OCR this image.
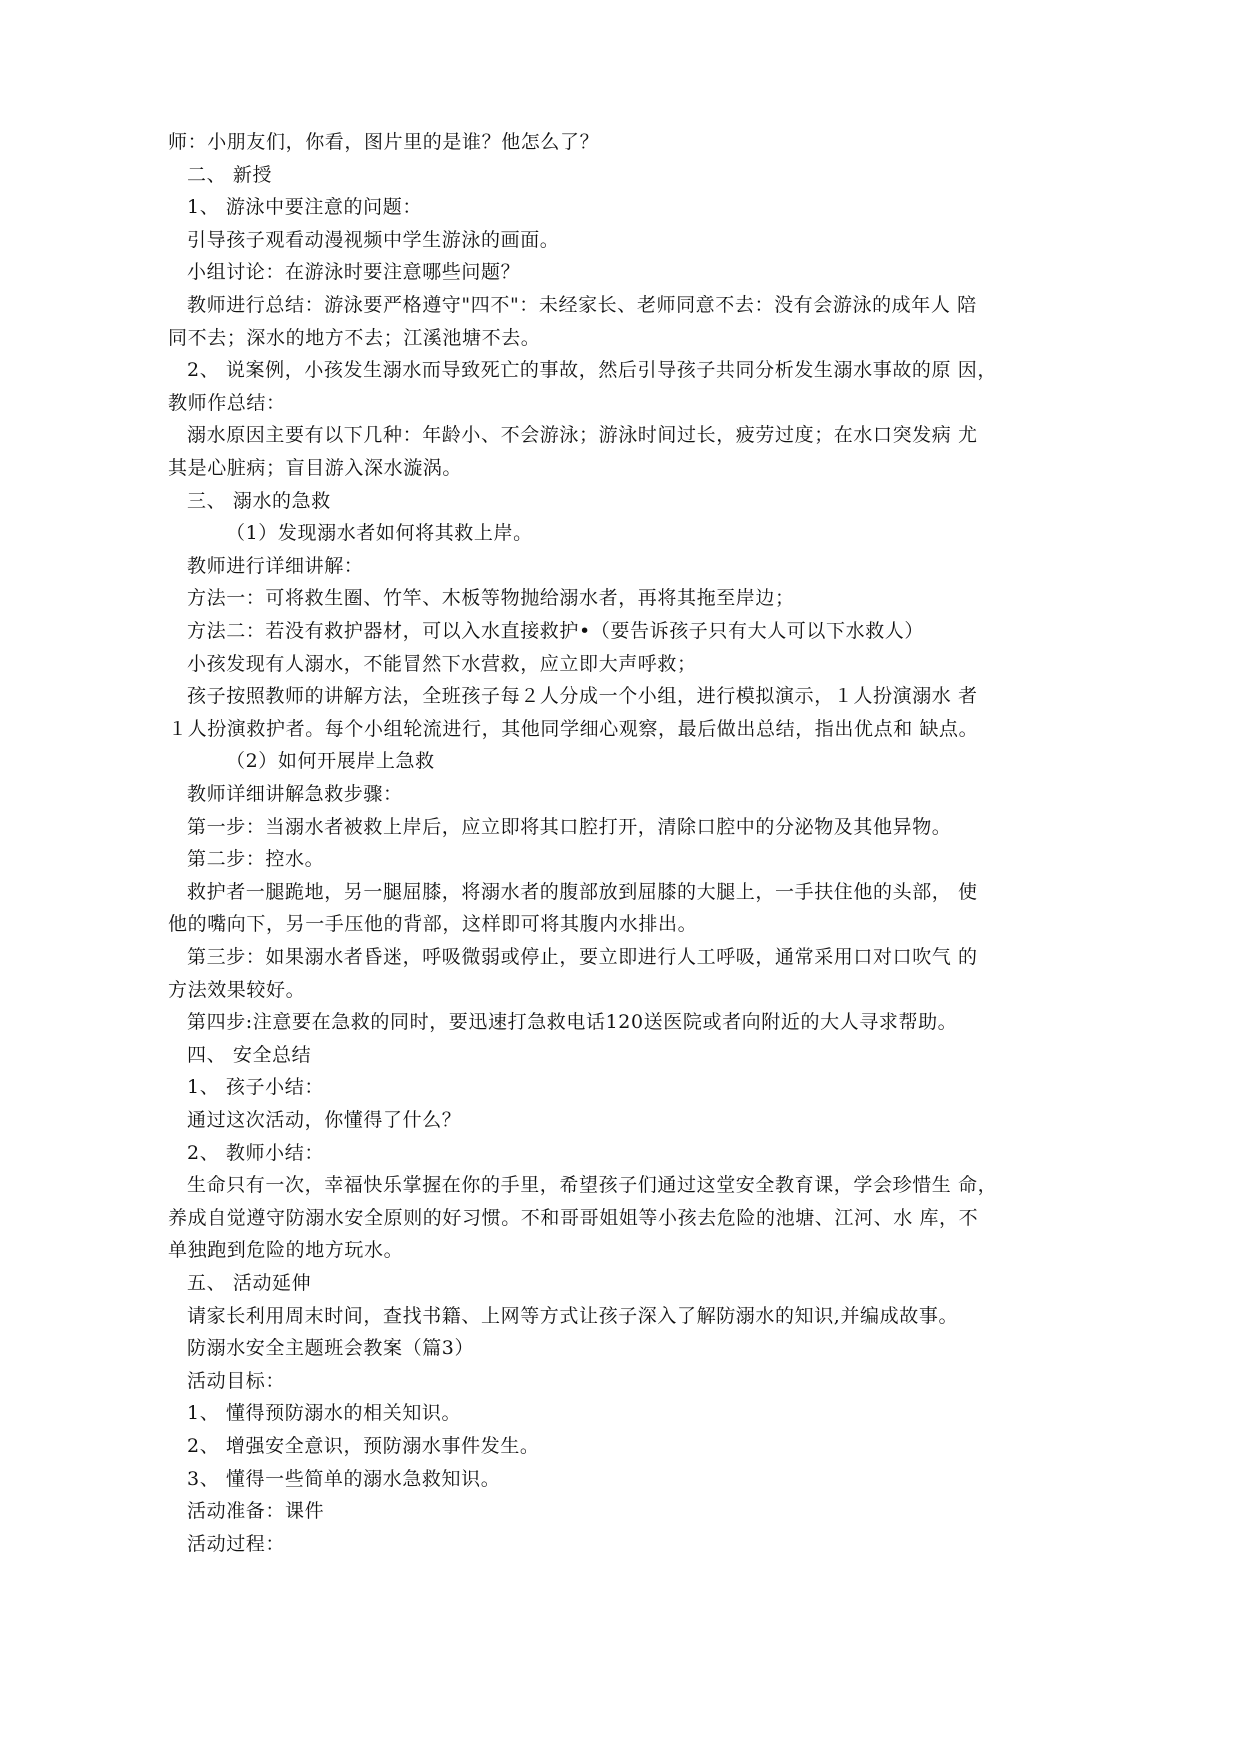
师：小朋友们，你看，图片里的是谁？他怎么了？
二、 新授
1、 游泳中要注意的问题：
引导孩子观看动漫视频中学生游泳的画面。
小组讨论：在游泳时要注意哪些问题？
教师进行总结：游泳要严格遵守"四不"：未经家长、老师同意不去：没有会游泳的成年人 陪
同不去；深水的地方不去；江溪池塘不去。
2、 说案例，小孩发生溺水而导致死亡的事故，然后引导孩子共同分析发生溺水事故的原 因，
教师作总结：
溺水原因主要有以下几种：年龄小、不会游泳；游泳时间过长，疲劳过度；在水口突发病 尤
其是心脏病；盲目游入深水漩涡。
三、 溺水的急救
（1）发现溺水者如何将其救上岸。
教师进行详细讲解：
方法一：可将救生圈、竹竿、木板等物抛给溺水者，再将其拖至岸边；
方法二：若没有救护器材，可以入水直接救护•（要告诉孩子只有大人可以下水救人）
小孩发现有人溺水，不能冒然下水营救，应立即大声呼救；
孩子按照教师的讲解方法，全班孩子每２人分成一个小组，进行模拟演示，１人扮演溺水 者
１人扮演救护者。每个小组轮流进行，其他同学细心观察，最后做出总结，指出优点和 缺点。
（2）如何开展岸上急救
教师详细讲解急救步骤：
第一步：当溺水者被救上岸后，应立即将其口腔打开，清除口腔中的分泌物及其他异物。
第二步：控水。
救护者一腿跪地，另一腿屈膝，将溺水者的腹部放到屈膝的大腿上，一手扶住他的头部， 使
他的嘴向下，另一手压他的背部，这样即可将其腹内水排出。
第三步：如果溺水者昏迷，呼吸微弱或停止，要立即进行人工呼吸，通常采用口对口吹气 的
方法效果较好。
第四步:注意要在急救的同时，要迅速打急救电话120送医院或者向附近的大人寻求帮助。
四、 安全总结
1、 孩子小结：
通过这次活动，你懂得了什么？
2、 教师小结：
生命只有一次，幸福快乐掌握在你的手里，希望孩子们通过这堂安全教育课，学会珍惜生 命，
养成自觉遵守防溺水安全原则的好习惯。不和哥哥姐姐等小孩去危险的池塘、江河、水 库，不
单独跑到危险的地方玩水。
五、 活动延伸
请家长利用周末时间，查找书籍、上网等方式让孩子深入了解防溺水的知识,并编成故事。
防溺水安全主题班会教案（篇3）
活动目标：
1、 懂得预防溺水的相关知识。
2、 增强安全意识，预防溺水事件发生。
3、 懂得一些简单的溺水急救知识。
活动准备：课件
活动过程：
